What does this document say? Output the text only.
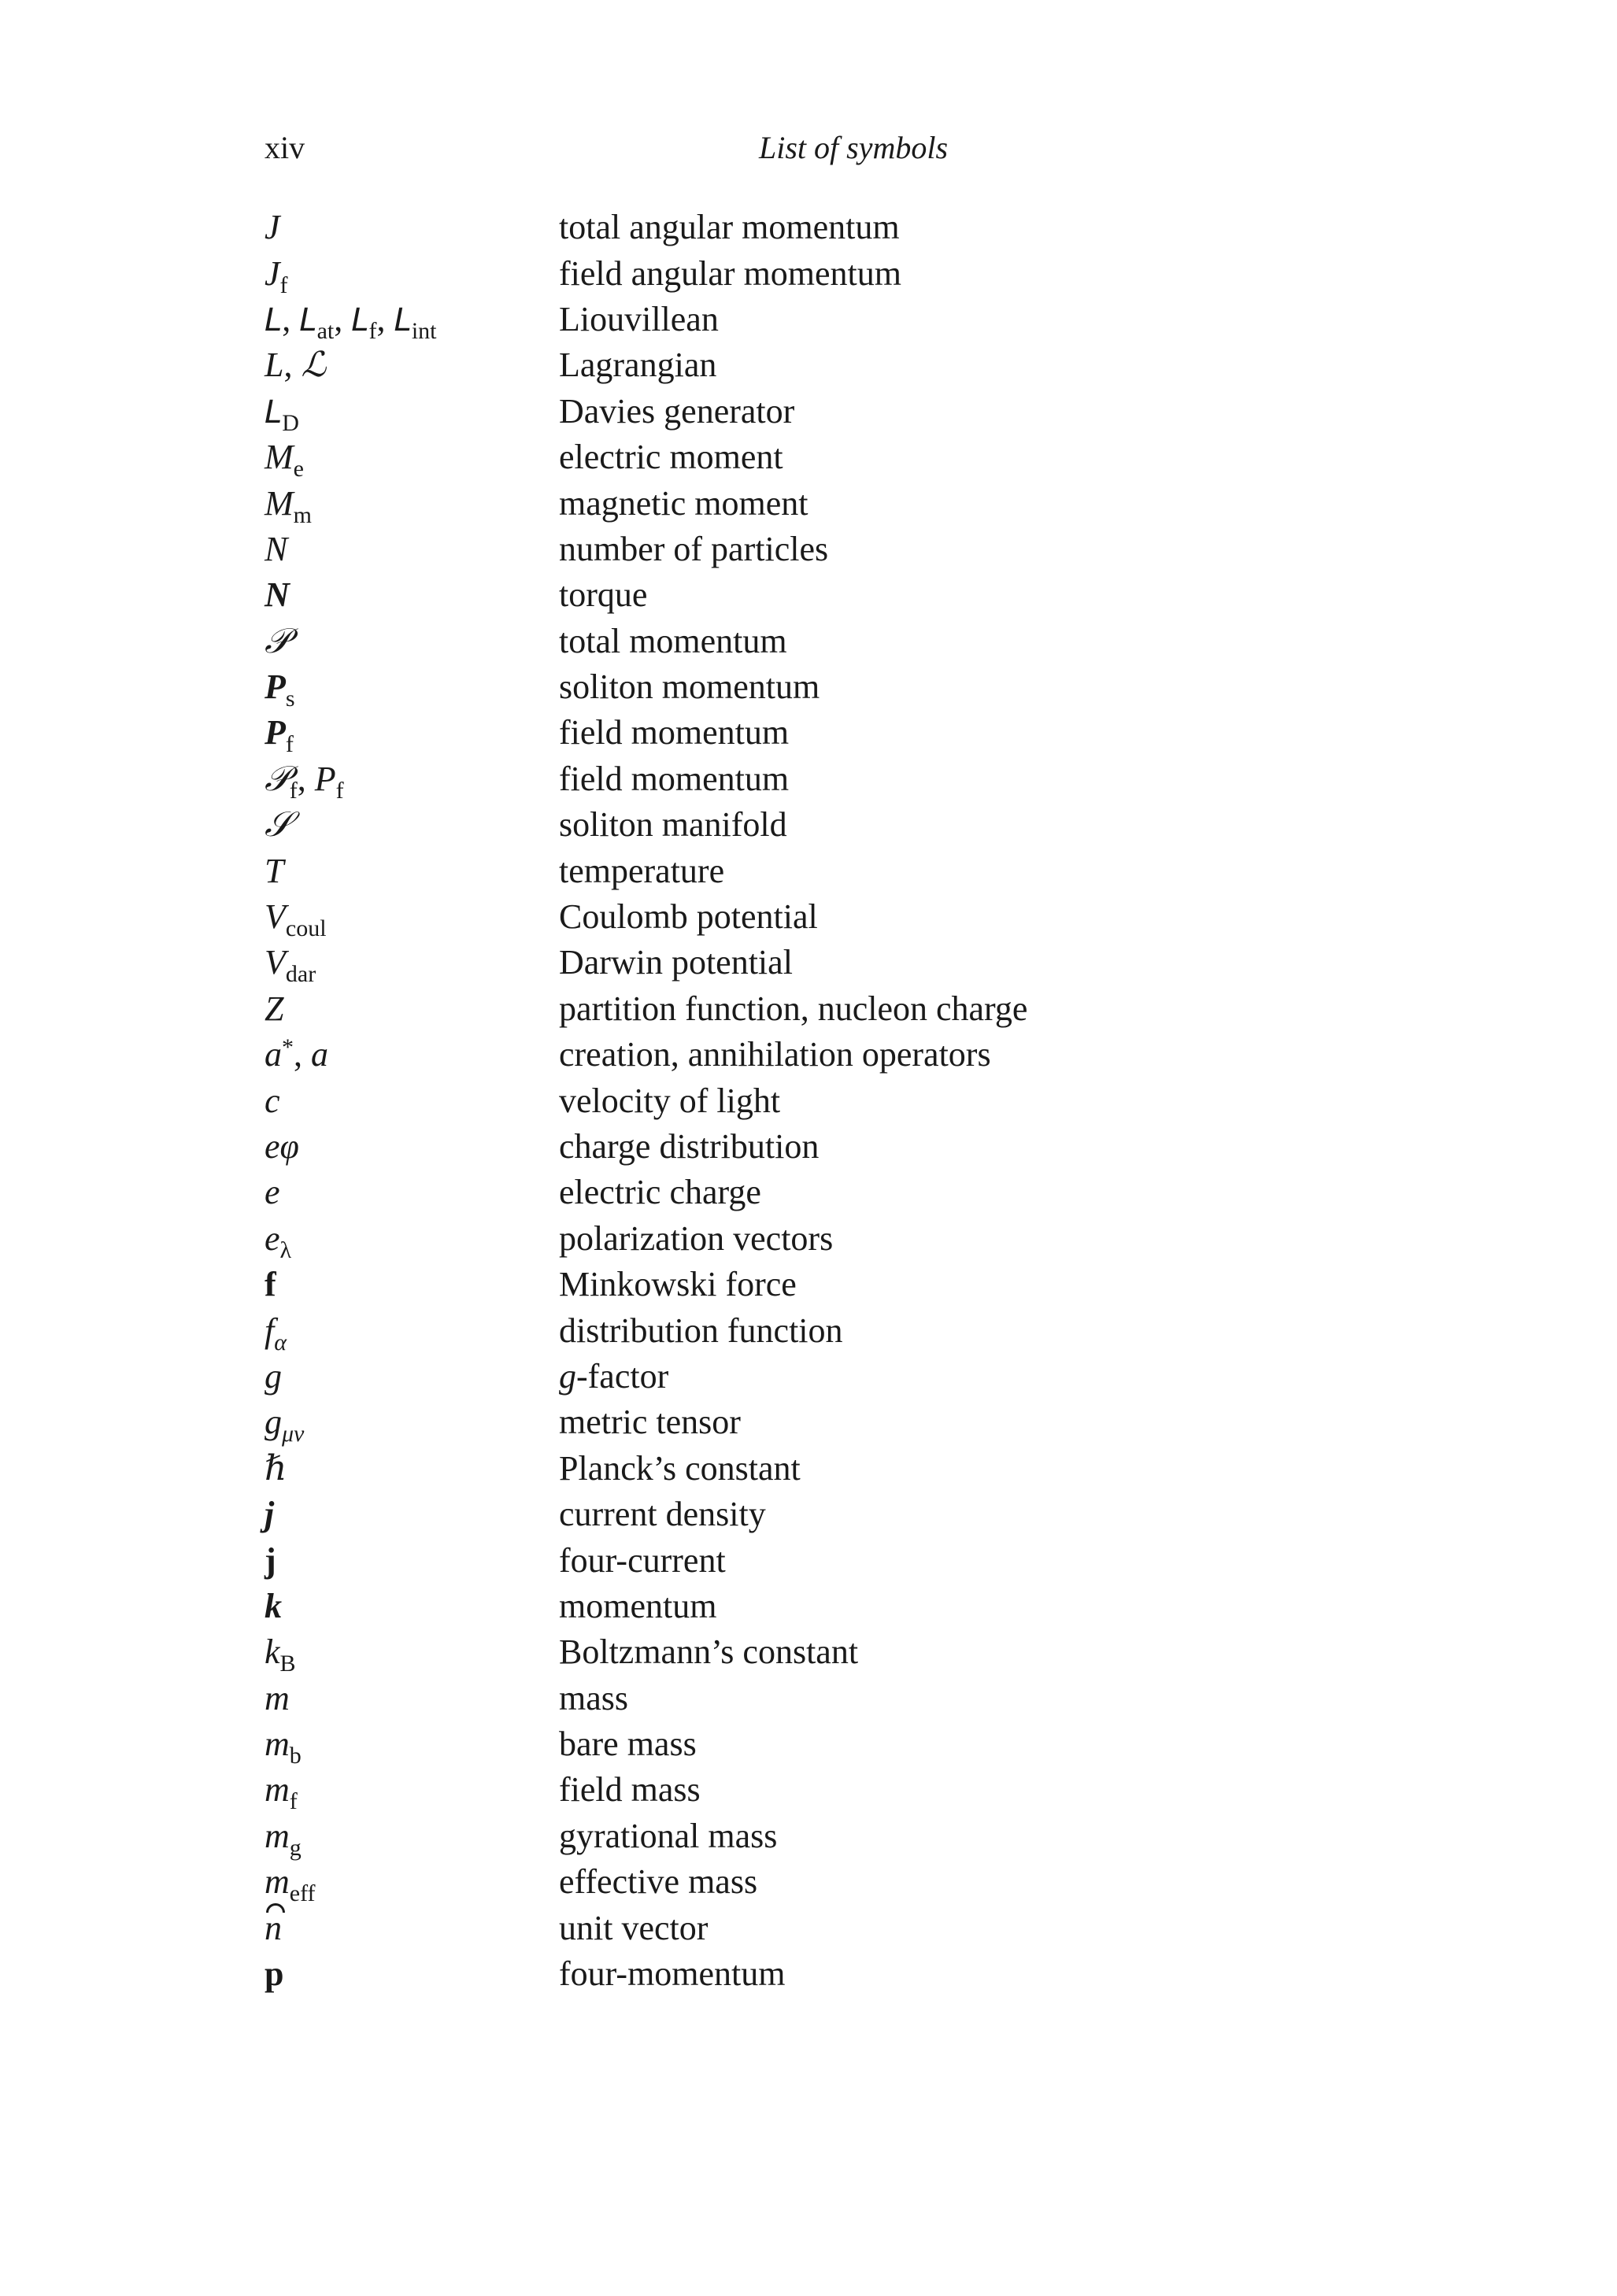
xiv	List of symbols
J	total angular momentum
$J_f$	field angular momentum
L, $L_{at}$, $L_f$, $L_{int}$	Liouvillean
L, ℒ	Lagrangian
$L_D$	Davies generator
$M_e$	electric moment
$M_m$	magnetic moment
N	number of particles
N	torque
𝒫	total momentum
$P_s$	soliton momentum
$P_f$	field momentum
𝒫$_f$, $P_f$	field momentum
𝒮	soliton manifold
T	temperature
$V_{coul}$	Coulomb potential
$V_{dar}$	Darwin potential
Z	partition function, nucleon charge
a*, a	creation, annihilation operators
c	velocity of light
eφ	charge distribution
e	electric charge
$e_\lambda$	polarization vectors
f	Minkowski force
$f_\alpha$	distribution function
g	g-factor
$g_{\mu\nu}$	metric tensor
ℏ	Planck’s constant
j	current density
j	four-current
k	momentum
$k_B$	Boltzmann’s constant
m	mass
$m_b$	bare mass
$m_f$	field mass
$m_g$	gyrational mass
$m_{eff}$	effective mass
n	unit vector
p	four-momentum
